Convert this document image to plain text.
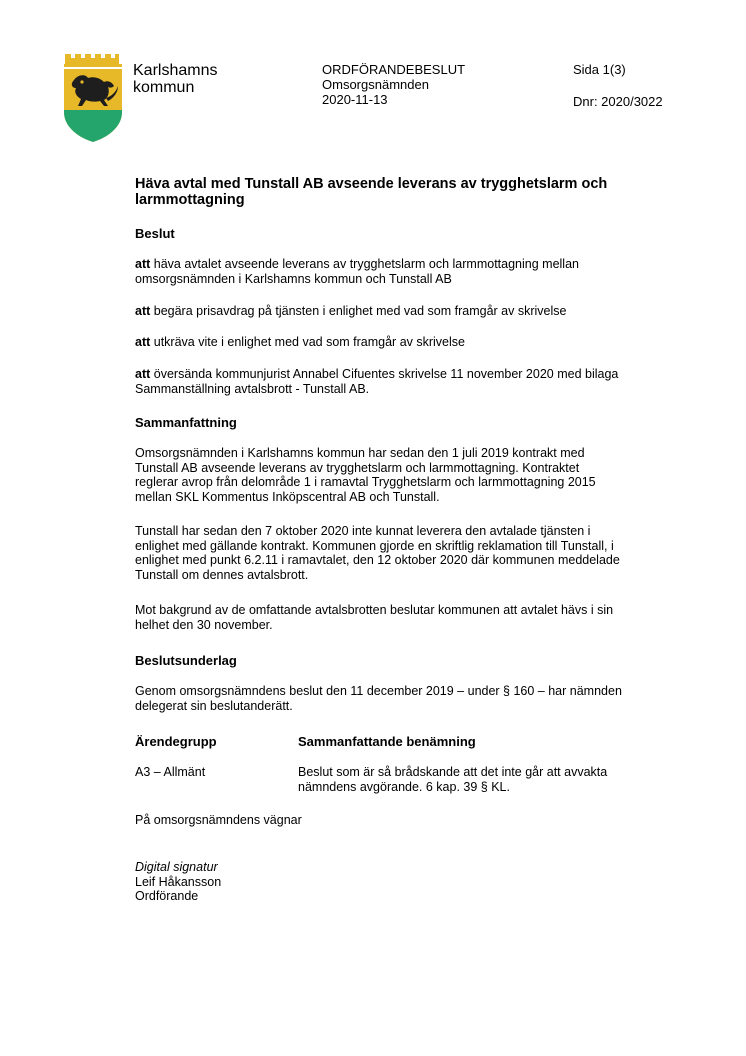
Karlshamns
kommun
ORDFÖRANDEBESLUT
Omsorgsnämnden
2020-11-13
Sida 1(3)
Dnr: 2020/3022
Häva avtal med Tunstall AB avseende leverans av trygghetslarm och
larmmottagning
Beslut
att häva avtalet avseende leverans av trygghetslarm och larmmottagning mellan
omsorgsnämnden i Karlshamns kommun och Tunstall AB
att begära prisavdrag på tjänsten i enlighet med vad som framgår av skrivelse
att utkräva vite i enlighet med vad som framgår av skrivelse
att översända kommunjurist Annabel Cifuentes skrivelse 11 november 2020 med bilaga
Sammanställning avtalsbrott - Tunstall AB.
Sammanfattning
Omsorgsnämnden i Karlshamns kommun har sedan den 1 juli 2019 kontrakt med
Tunstall AB avseende leverans av trygghetslarm och larmmottagning. Kontraktet
reglerar avrop från delområde 1 i ramavtal Trygghetslarm och larmmottagning 2015
mellan SKL Kommentus Inköpscentral AB och Tunstall.
Tunstall har sedan den 7 oktober 2020 inte kunnat leverera den avtalade tjänsten i
enlighet med gällande kontrakt. Kommunen gjorde en skriftlig reklamation till Tunstall, i
enlighet med punkt 6.2.11 i ramavtalet, den 12 oktober 2020 där kommunen meddelade
Tunstall om dennes avtalsbrott.
Mot bakgrund av de omfattande avtalsbrotten beslutar kommunen att avtalet hävs i sin
helhet den 30 november.
Beslutsunderlag
Genom omsorgsnämndens beslut den 11 december 2019 – under § 160 – har nämnden
delegerat sin beslutanderätt.
Ärendegrupp	Sammanfattande benämning
A3 – Allmänt	Beslut som är så brådskande att det inte går att avvakta
nämndens avgörande. 6 kap. 39 § KL.
På omsorgsnämndens vägnar
Digital signatur
Leif Håkansson
Ordförande
